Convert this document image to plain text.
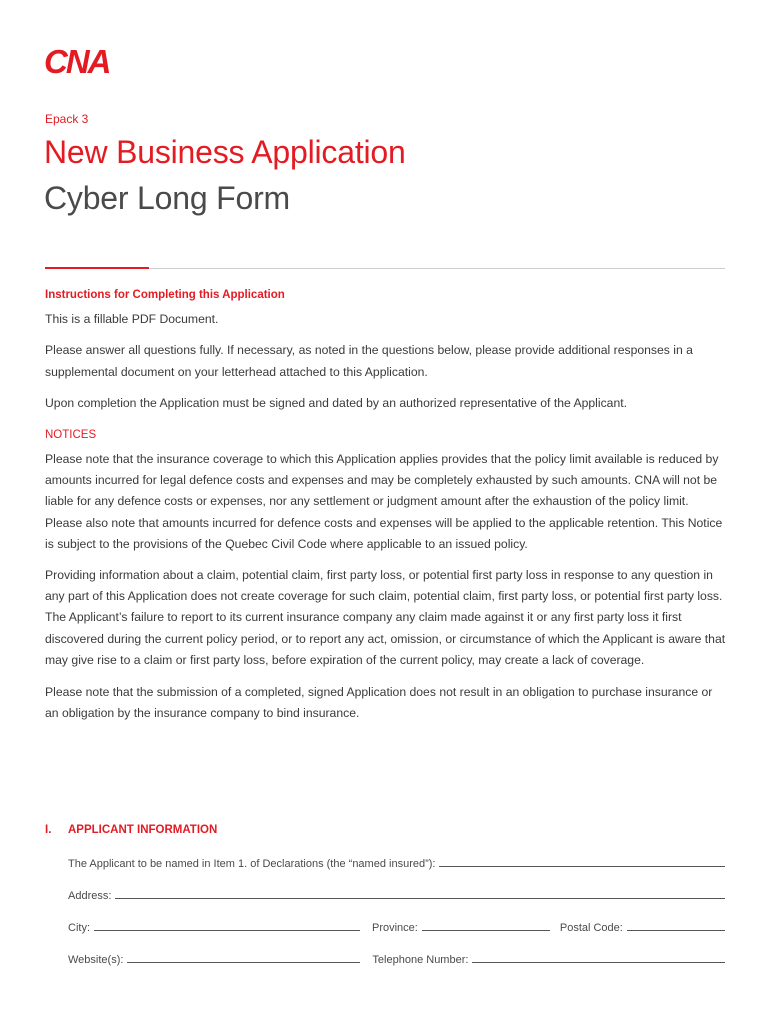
CNA
Epack 3
New Business Application
Cyber Long Form

Instructions for Completing this Application

This is a fillable PDF Document.

Please answer all questions fully. If necessary, as noted in the questions below, please provide additional responses in a supplemental document on your letterhead attached to this Application.

Upon completion the Application must be signed and dated by an authorized representative of the Applicant.

NOTICES

Please note that the insurance coverage to which this Application applies provides that the policy limit available is reduced by amounts incurred for legal defence costs and expenses and may be completely exhausted by such amounts. CNA will not be liable for any defence costs or expenses, nor any settlement or judgment amount after the exhaustion of the policy limit. Please also note that amounts incurred for defence costs and expenses will be applied to the applicable retention. This Notice is subject to the provisions of the Quebec Civil Code where applicable to an issued policy.

Providing information about a claim, potential claim, first party loss, or potential first party loss in response to any question in any part of this Application does not create coverage for such claim, potential claim, first party loss, or potential first party loss. The Applicant’s failure to report to its current insurance company any claim made against it or any first party loss it first discovered during the current policy period, or to report any act, omission, or circumstance of which the Applicant is aware that may give rise to a claim or first party loss, before expiration of the current policy, may create a lack of coverage.

Please note that the submission of a completed, signed Application does not result in an obligation to purchase insurance or an obligation by the insurance company to bind insurance.

I.	APPLICANT INFORMATION
The Applicant to be named in Item 1. of Declarations (the “named insured”):
Address:
City:	Province:	Postal Code:
Website(s):	Telephone Number:
